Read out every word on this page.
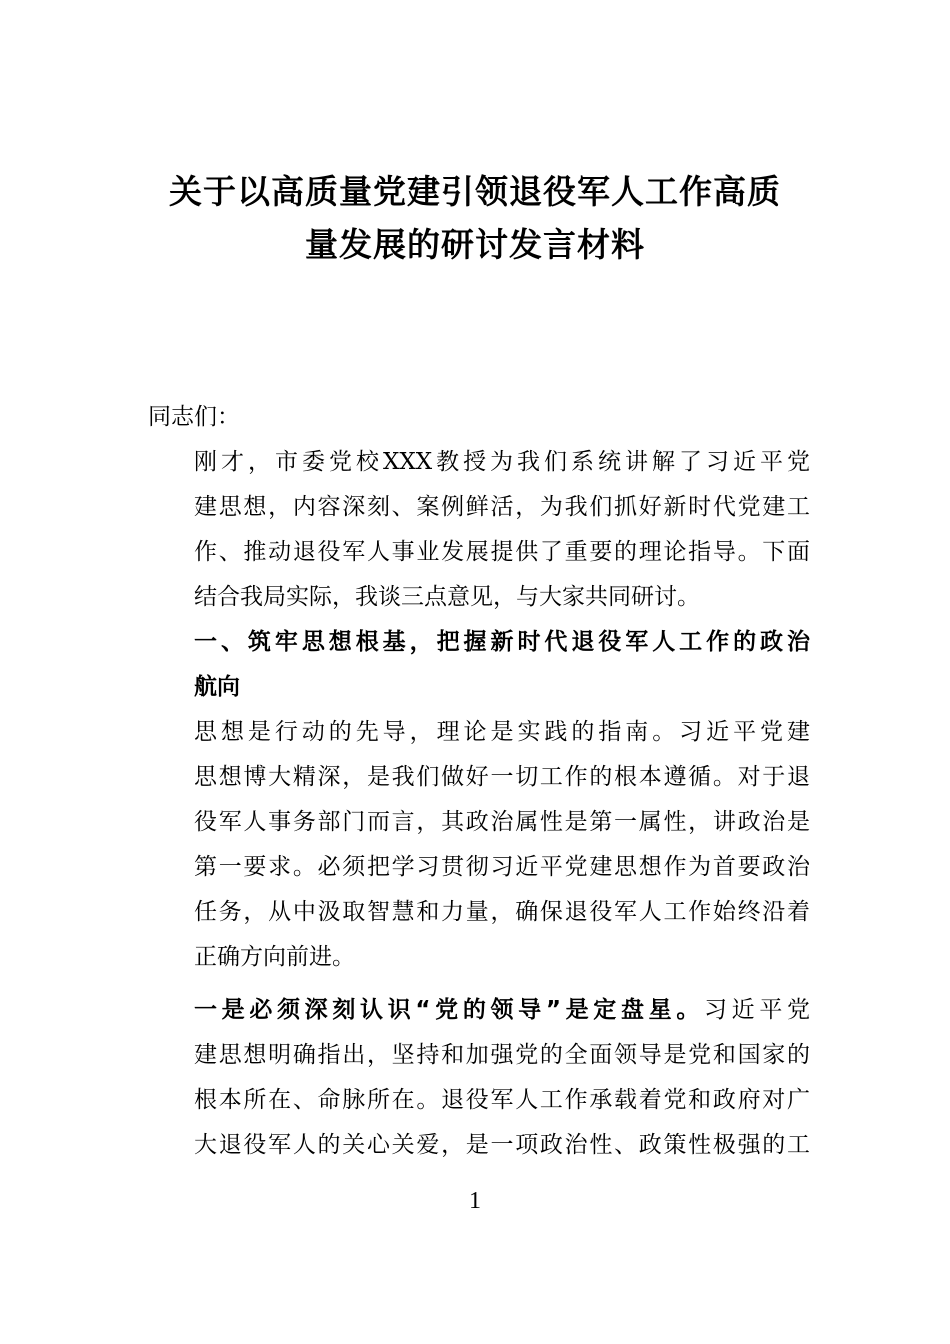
关于以高质量党建引领退役军人工作高质
量发展的研讨发言材料

同志们：

刚才，市委党校XXX教授为我们系统讲解了习近平党
建思想，内容深刻、案例鲜活，为我们抓好新时代党建工
作、推动退役军人事业发展提供了重要的理论指导。下面
结合我局实际，我谈三点意见，与大家共同研讨。

一、筑牢思想根基，把握新时代退役军人工作的政治
航向

思想是行动的先导，理论是实践的指南。习近平党建
思想博大精深，是我们做好一切工作的根本遵循。对于退
役军人事务部门而言，其政治属性是第一属性，讲政治是
第一要求。必须把学习贯彻习近平党建思想作为首要政治
任务，从中汲取智慧和力量，确保退役军人工作始终沿着
正确方向前进。

一是必须深刻认识“党的领导”是定盘星。习近平党
建思想明确指出，坚持和加强党的全面领导是党和国家的
根本所在、命脉所在。退役军人工作承载着党和政府对广
大退役军人的关心关爱，是一项政治性、政策性极强的工

1
